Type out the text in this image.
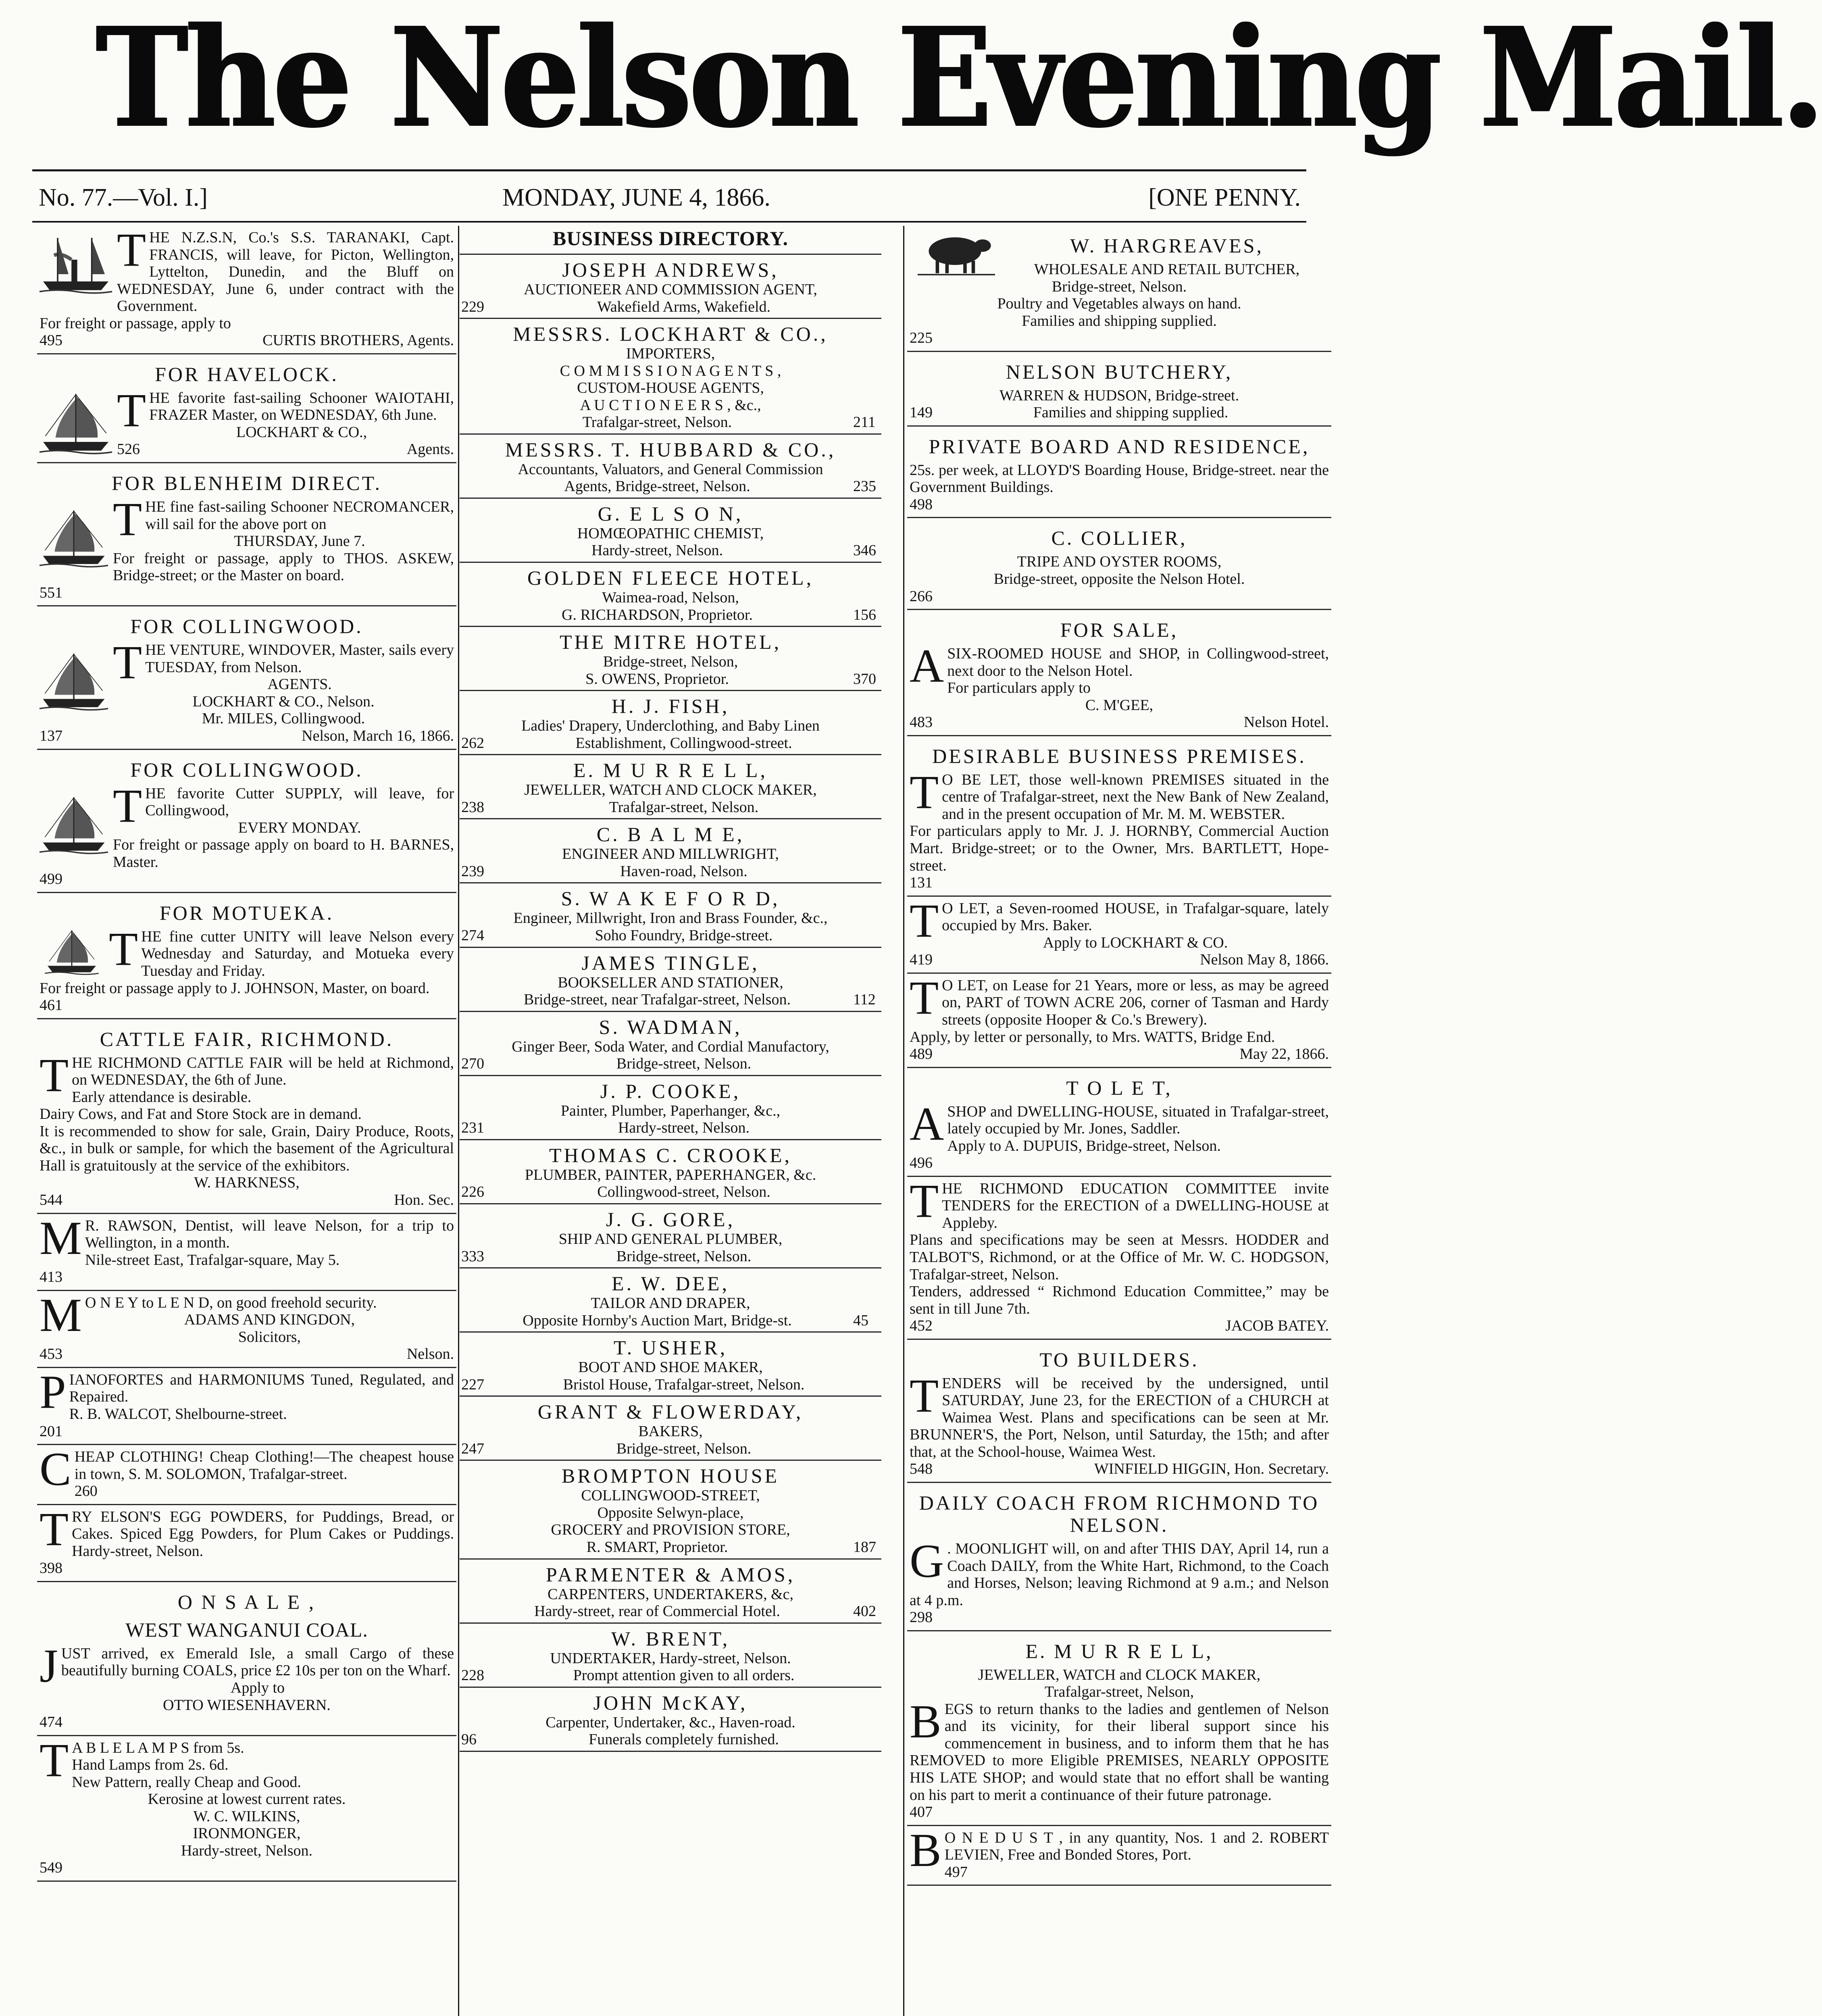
The Nelson Evening Mail.
No. 77.—Vol. I.]	MONDAY, JUNE 4, 1866.	[ONE PENNY.

THE N.Z.S.N, Co.'s S.S. TARANAKI, Capt. FRANCIS, will leave, for Picton, Wellington, Lyttelton, Dunedin, and the Bluff on WEDNESDAY, June 6, under contract with the Government.

For freight or passage, apply to

495	CURTIS BROTHERS, Agents.
FOR HAVELOCK.

THE favorite fast-sailing Schooner WAIOTAHI, FRAZER Master, on WEDNESDAY, 6th June.

LOCKHART & CO.,

526	Agents.
FOR BLENHEIM DIRECT.

THE fine fast-sailing Schooner NECROMANCER, will sail for the above port on

THURSDAY, June 7.

For freight or passage, apply to THOS. ASKEW, Bridge-street; or the Master on board.

551
FOR COLLINGWOOD.

THE VENTURE, WINDOVER, Master, sails every TUESDAY, from Nelson.

AGENTS.

LOCKHART & CO., Nelson.

Mr. MILES, Collingwood.

137	Nelson, March 16, 1866.
FOR COLLINGWOOD.

THE favorite Cutter SUPPLY, will leave, for Collingwood,

EVERY MONDAY.

For freight or passage apply on board to H. BARNES, Master.

499
FOR MOTUEKA.

THE fine cutter UNITY will leave Nelson every Wednesday and Saturday, and Motueka every Tuesday and Friday.

For freight or passage apply to J. JOHNSON, Master, on board.

461
CATTLE FAIR, RICHMOND.

THE RICHMOND CATTLE FAIR will be held at Richmond, on WEDNESDAY, the 6th of June.

Early attendance is desirable.

Dairy Cows, and Fat and Store Stock are in demand.

It is recommended to show for sale, Grain, Dairy Produce, Roots, &c., in bulk or sample, for which the basement of the Agricultural Hall is gratuitously at the service of the exhibitors.

W. HARKNESS,

544	Hon. Sec.

M R. RAWSON, Dentist, will leave Nelson, for a trip to Wellington, in a month.

Nile-street East, Trafalgar-square, May 5.

413

M O N E Y to L E N D, on good freehold security.

ADAMS AND KINGDON,

Solicitors,

453	Nelson.

PIANOFORTES and HARMONIUMS Tuned, Regulated, and Repaired.

R. B. WALCOT, Shelbourne-street.

201

CHEAP CLOTHING! Cheap Clothing!—The cheapest house in town, S. M. SOLOMON, Trafalgar-street.

260

TRY ELSON'S EGG POWDERS, for Puddings, Bread, or Cakes. Spiced Egg Powders, for Plum Cakes or Puddings. Hardy-street, Nelson.

398
O N S A L E ,
WEST WANGANUI COAL.

JUST arrived, ex Emerald Isle, a small Cargo of these beautifully burning COALS, price £2 10s per ton on the Wharf.

Apply to

OTTO WIESENHAVERN.

474

T A B L E L A M P S from 5s.

Hand Lamps from 2s. 6d.

New Pattern, really Cheap and Good.

Kerosine at lowest current rates.

W. C. WILKINS,

IRONMONGER,

Hardy-street, Nelson.

549
BUSINESS DIRECTORY.
JOSEPH ANDREWS,
AUCTIONEER AND COMMISSION AGENT,
229	Wakefield Arms, Wakefield.
MESSRS. LOCKHART & CO.,
IMPORTERS,
C O M M I S S I O N A G E N T S ,
CUSTOM-HOUSE AGENTS,
A U C T I O N E E R S , &c.,
Trafalgar-street, Nelson.	211
MESSRS. T. HUBBARD & CO.,
Accountants, Valuators, and General Commission
Agents, Bridge-street, Nelson.	235
G. E L S O N,
HOMŒOPATHIC CHEMIST,
Hardy-street, Nelson.	346
GOLDEN FLEECE HOTEL,
Waimea-road, Nelson,
G. RICHARDSON, Proprietor.	156
THE MITRE HOTEL,
Bridge-street, Nelson,
S. OWENS, Proprietor.	370
H. J. FISH,
Ladies' Drapery, Underclothing, and Baby Linen
262	Establishment, Collingwood-street.
E. M U R R E L L,
JEWELLER, WATCH AND CLOCK MAKER,
238	Trafalgar-street, Nelson.
C. B A L M E,
ENGINEER AND MILLWRIGHT,
239	Haven-road, Nelson.
S. W A K E F O R D,
Engineer, Millwright, Iron and Brass Founder, &c.,
274	Soho Foundry, Bridge-street.
JAMES TINGLE,
BOOKSELLER AND STATIONER,
Bridge-street, near Trafalgar-street, Nelson.	112
S. WADMAN,
Ginger Beer, Soda Water, and Cordial Manufactory,
270	Bridge-street, Nelson.
J. P. COOKE,
Painter, Plumber, Paperhanger, &c.,
231	Hardy-street, Nelson.
THOMAS C. CROOKE,
PLUMBER, PAINTER, PAPERHANGER, &c.
226	Collingwood-street, Nelson.
J. G. GORE,
SHIP AND GENERAL PLUMBER,
333	Bridge-street, Nelson.
E. W. DEE,
TAILOR AND DRAPER,
Opposite Hornby's Auction Mart, Bridge-st.	45
T. USHER,
BOOT AND SHOE MAKER,
227	Bristol House, Trafalgar-street, Nelson.
GRANT & FLOWERDAY,
BAKERS,
247	Bridge-street, Nelson.
BROMPTON HOUSE
COLLINGWOOD-STREET,
Opposite Selwyn-place,
GROCERY and PROVISION STORE,
R. SMART, Proprietor.	187
PARMENTER & AMOS,
CARPENTERS, UNDERTAKERS, &c,
Hardy-street, rear of Commercial Hotel.	402
W. BRENT,
UNDERTAKER, Hardy-street, Nelson.
228	Prompt attention given to all orders.
JOHN McKAY,
Carpenter, Undertaker, &c., Haven-road.
96	Funerals completely furnished.
W. HARGREAVES,

WHOLESALE AND RETAIL BUTCHER,

Bridge-street, Nelson.

Poultry and Vegetables always on hand.

Families and shipping supplied.

225
NELSON BUTCHERY,

WARREN & HUDSON, Bridge-street.

149	Families and shipping supplied.
PRIVATE BOARD AND RESIDENCE,

25s. per week, at LLOYD'S Boarding House, Bridge-street. near the Government Buildings.

498
C. COLLIER,

TRIPE AND OYSTER ROOMS,

Bridge-street, opposite the Nelson Hotel.

266
FOR SALE,

A SIX-ROOMED HOUSE and SHOP, in Collingwood-street, next door to the Nelson Hotel.

For particulars apply to

C. M'GEE,

483	Nelson Hotel.
DESIRABLE BUSINESS PREMISES.

T O BE LET, those well-known PREMISES situated in the centre of Trafalgar-street, next the New Bank of New Zealand, and in the present occupation of Mr. M. M. WEBSTER.

For particulars apply to Mr. J. J. HORNBY, Commercial Auction Mart. Bridge-street; or to the Owner, Mrs. BARTLETT, Hope-street.

131

T O LET, a Seven-roomed HOUSE, in Trafalgar-square, lately occupied by Mrs. Baker.

Apply to LOCKHART & CO.

419	Nelson May 8, 1866.

T O LET, on Lease for 21 Years, more or less, as may be agreed on, PART of TOWN ACRE 206, corner of Tasman and Hardy streets (opposite Hooper & Co.'s Brewery).

Apply, by letter or personally, to Mrs. WATTS, Bridge End.

489	May 22, 1866.
T O L E T,

A SHOP and DWELLING-HOUSE, situated in Trafalgar-street, lately occupied by Mr. Jones, Saddler.

Apply to A. DUPUIS, Bridge-street, Nelson.

496

THE RICHMOND EDUCATION COMMITTEE invite TENDERS for the ERECTION of a DWELLING-HOUSE at Appleby.

Plans and specifications may be seen at Messrs. HODDER and TALBOT'S, Richmond, or at the Office of Mr. W. C. HODGSON, Trafalgar-street, Nelson.

Tenders, addressed “ Richmond Education Committee,” may be sent in till June 7th.

452	JACOB BATEY.
TO BUILDERS.

TENDERS will be received by the undersigned, until SATURDAY, June 23, for the ERECTION of a CHURCH at Waimea West. Plans and specifications can be seen at Mr. BRUNNER'S, the Port, Nelson, until Saturday, the 15th; and after that, at the School-house, Waimea West.

548	WINFIELD HIGGIN, Hon. Secretary.
DAILY COACH FROM RICHMOND TO NELSON.

G . MOONLIGHT will, on and after THIS DAY, April 14, run a Coach DAILY, from the White Hart, Richmond, to the Coach and Horses, Nelson; leaving Richmond at 9 a.m.; and Nelson at 4 p.m.

298
E. M U R R E L L,

JEWELLER, WATCH and CLOCK MAKER,

Trafalgar-street, Nelson,

BEGS to return thanks to the ladies and gentlemen of Nelson and its vicinity, for their liberal support since his commencement in business, and to inform them that he has REMOVED to more Eligible PREMISES, NEARLY OPPOSITE HIS LATE SHOP; and would state that no effort shall be wanting on his part to merit a continuance of their future patronage.

407

B O N E D U S T , in any quantity, Nos. 1 and 2. ROBERT LEVIEN, Free and Bonded Stores, Port.

497
